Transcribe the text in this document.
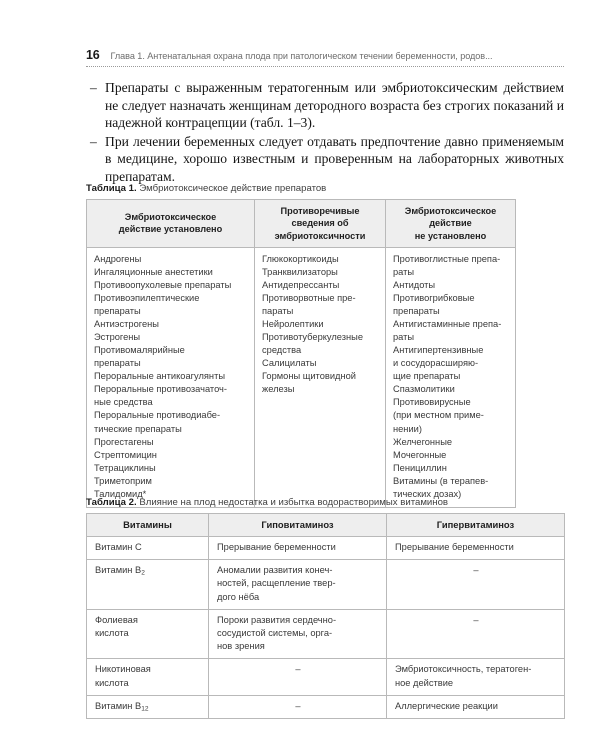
16 Глава 1. Антенатальная охрана плода при патологическом течении беременности, родов...
– Препараты с выраженным тератогенным или эмбриотоксическим действием не следует назначать женщинам детородного возраста без строгих показаний и надежной контрацепции (табл. 1–3).
– При лечении беременных следует отдавать предпочтение давно применяемым в медицине, хорошо известным и проверенным на лабораторных животных препаратам.
Таблица 1. Эмбриотоксическое действие препаратов
Эмбриотоксическое
действие установлено	Противоречивые
сведения об
эмбриотоксичности	Эмбриотоксическое
действие
не установлено

Андрогены
Ингаляционные анестетики
Противоопухолевые препараты
Противоэпилептические
препараты
Антиэстрогены
Эстрогены
Противомалярийные
препараты
Пероральные антикоагулянты
Пероральные противозачаточ-
ные средства
Пероральные противодиабе-
тические препараты
Прогестагены
Стрептомицин
Тетрациклины
Триметоприм
Талидомид*

Глюкокортикоиды
Транквилизаторы
Антидепрессанты
Противорвотные пре-
параты
Нейролептики
Противотуберкулезные
средства
Салицилаты
Гормоны щитовидной
железы

Противоглистные препа-
раты
Антидоты
Противогрибковые
препараты
Антигистаминные препа-
раты
Антигипертензивные
и сосудорасширяю-
щие препараты
Спазмолитики
Противовирусные
(при местном приме-
нении)
Желчегонные
Мочегонные
Пенициллин
Витамины (в терапев-
тических дозах)
Таблица 2. Влияние на плод недостатка и избытка водорастворимых витаминов
Витамины	Гиповитаминоз	Гипервитаминоз
Витамин С	Прерывание беременности	Прерывание беременности
Витамин $В_2$	Аномалии развития конеч-
ностей, расщепление твер-
дого нёба	–
Фолиевая
кислота	Пороки развития сердечно-
сосудистой системы, орга-
нов зрения	–
Никотиновая
кислота	–	Эмбриотоксичность, тератоген-
ное действие
Витамин $В_{12}$	–	Аллергические реакции
